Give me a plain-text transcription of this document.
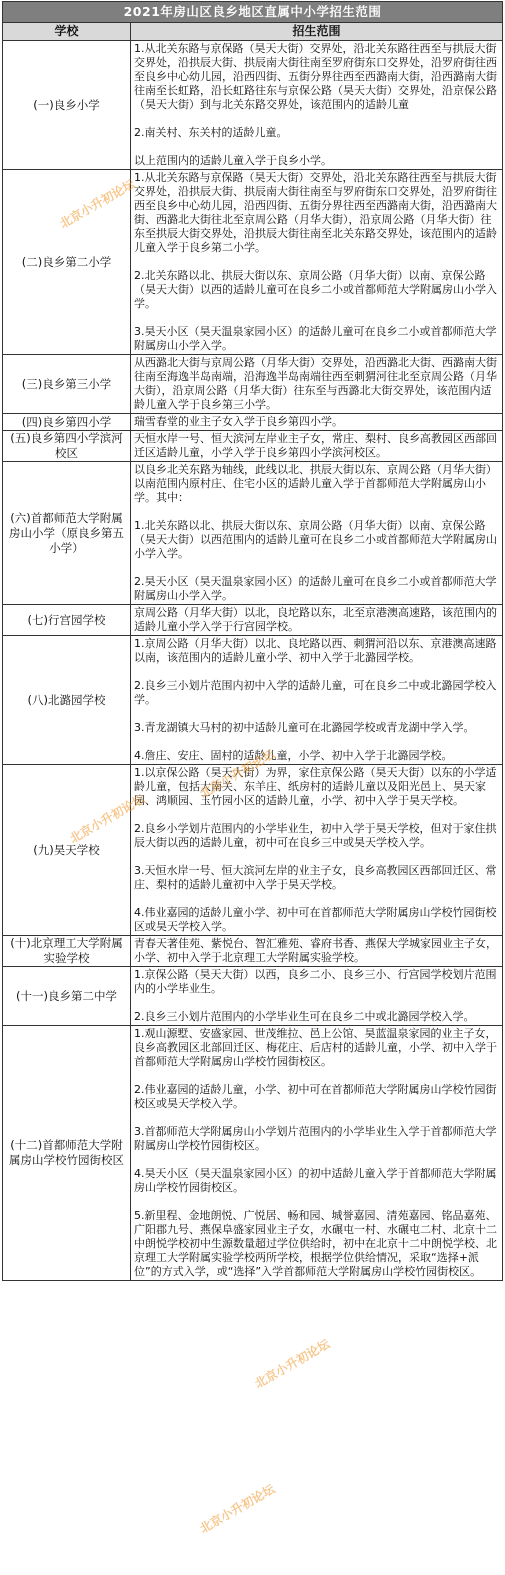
2021年房山区良乡地区直属中小学招生范围	
学校	招生范围
(一)良乡小学	1.从北关东路与京保路（昊天大街）交界处，沿北关东路往西至与拱辰大街交界处，沿拱辰大街、拱辰南大街往南至罗府街东口交界处，沿罗府街往西至良乡中心幼儿园，沿西四街、五街分界往西至西潞南大街，沿西潞南大街往南至长虹路，沿长虹路往东与京保公路（昊天大街）交界处，沿京保公路（昊天大街）到与北关东路交界处，该范围内的适龄儿童
2.南关村、东关村的适龄儿童。
以上范围内的适龄儿童入学于良乡小学。

(二)良乡第二小学	1.从北关东路与京保路（昊天大街）交界处，沿北关东路往西至与拱辰大街交界处，沿拱辰大街、拱辰南大街往南至与罗府街东口交界处，沿罗府街往西至良乡中心幼儿园，沿西四街、五街分界往西至西潞南大街，沿西潞南大街、西潞北大街往北至京周公路（月华大街），沿京周公路（月华大街）往东至拱辰大街交界处，沿拱辰大街往南至北关东路交界处，该范围内的适龄儿童入学于良乡第二小学。
2.北关东路以北、拱辰大街以东、京周公路（月华大街）以南、京保公路（昊天大街）以西的适龄儿童可在良乡二小或首都师范大学附属房山小学入学。
3.昊天小区（昊天温泉家园小区）的适龄儿童可在良乡二小或首都师范大学附属房山小学入学。

(三)良乡第三小学	从西潞北大街与京周公路（月华大街）交界处，沿西潞北大街、西潞南大街往南至海逸半岛南端，沿海逸半岛南端往西至刺猬河往北至京周公路（月华大街），沿京周公路（月华大街）往东至与西潞北大街交界处，该范围内适龄儿童入学于良乡第三小学。

(四)良乡第四小学	瑞雪春堂的业主子女入学于良乡第四小学。

(五)良乡第四小学滨河校区	天恒水岸一号、恒大滨河左岸业主子女，常庄、梨村、良乡高教园区西部回迁区适龄儿童，小学入学于良乡第四小学滨河校区。

(六)首都师范大学附属房山小学（原良乡第五小学）	以良乡北关东路为轴线，此线以北、拱辰大街以东、京周公路（月华大街）以南范围内原村庄、住宅小区的适龄儿童入学于首都师范大学附属房山小学。其中：
1.北关东路以北、拱辰大街以东、京周公路（月华大街）以南、京保公路（昊天大街）以西范围内的适龄儿童可在良乡二小或首都师范大学附属房山小学入学。
2.昊天小区（昊天温泉家园小区）的适龄儿童可在良乡二小或首都师范大学附属房山小学入学。

(七)行宫园学校	京周公路（月华大街）以北，良坨路以东，北至京港澳高速路，该范围内的适龄儿童小学入学于行宫园学校。

(八)北潞园学校	1.京周公路（月华大街）以北、良坨路以西、刺猬河沿以东、京港澳高速路以南，该范围内的适龄儿童小学、初中入学于北潞园学校。
2.良乡三小划片范围内初中入学的适龄儿童，可在良乡二中或北潞园学校入学。
3.青龙湖镇大马村的初中适龄儿童可在北潞园学校或青龙湖中学入学。
4.詹庄、安庄、固村的适龄儿童，小学、初中入学于北潞园学校。

(九)昊天学校	1.以京保公路（昊天大街）为界，家住京保公路（昊天大街）以东的小学适龄儿童，包括大南关、东羊庄、纸房村的适龄儿童以及阳光邑上、昊天家园、鸿顺园、玉竹园小区的适龄儿童，小学、初中入学于昊天学校。
2.良乡小学划片范围内的小学毕业生，初中入学于昊天学校，但对于家住拱辰大街以西的适龄儿童，初中可在良乡三中或昊天学校入学。
3.天恒水岸一号、恒大滨河左岸的业主子女，良乡高教园区西部回迁区、常庄、梨村的适龄儿童初中入学于昊天学校。
4.伟业嘉园的适龄儿童小学、初中可在首都师范大学附属房山学校竹园街校区或昊天学校入学。

(十)北京理工大学附属实验学校	青春天著佳苑、紫悦台、智汇雅苑、睿府书香、燕保大学城家园业主子女，小学、初中入学于北京理工大学附属实验学校。

(十一)良乡第二中学	1.京保公路（昊天大街）以西，良乡二小、良乡三小、行宫园学校划片范围内的小学毕业生。
2.良乡三小划片范围内的小学毕业生可在良乡二中或北潞园学校入学。

(十二)首都师范大学附属房山学校竹园街校区	1.观山源墅、安盛家园、世茂维拉、邑上公馆、昊蓝温泉家园的业主子女，良乡高教园区北部回迁区、梅花庄、后店村的适龄儿童，小学、初中入学于首都师范大学附属房山学校竹园街校区。
2.伟业嘉园的适龄儿童，小学、初中可在首都师范大学附属房山学校竹园街校区或昊天学校入学。
3.首都师范大学附属房山小学划片范围内的小学毕业生入学于首都师范大学附属房山学校竹园街校区。
4.昊天小区（昊天温泉家园小区）的初中适龄儿童入学于首都师范大学附属房山学校竹园街校区。
5.新里程、金地朗悦、广悦居、畅和园、城誉嘉园、清苑嘉园、铭品嘉苑、广阳郡九号、燕保阜盛家园业主子女，水碾屯一村、水碾屯二村、北京十二中朗悦学校初中生源数量超过学位供给时，初中在北京十二中朗悦学校、北京理工大学附属实验学校两所学校，根据学位供给情况，采取“选择+派位”的方式入学，或“选择”入学首都师范大学附属房山学校竹园街校区。
北京小升初论坛
北京小升初论坛
北京小升初论坛
北京小升初论坛
北京小升初论坛
